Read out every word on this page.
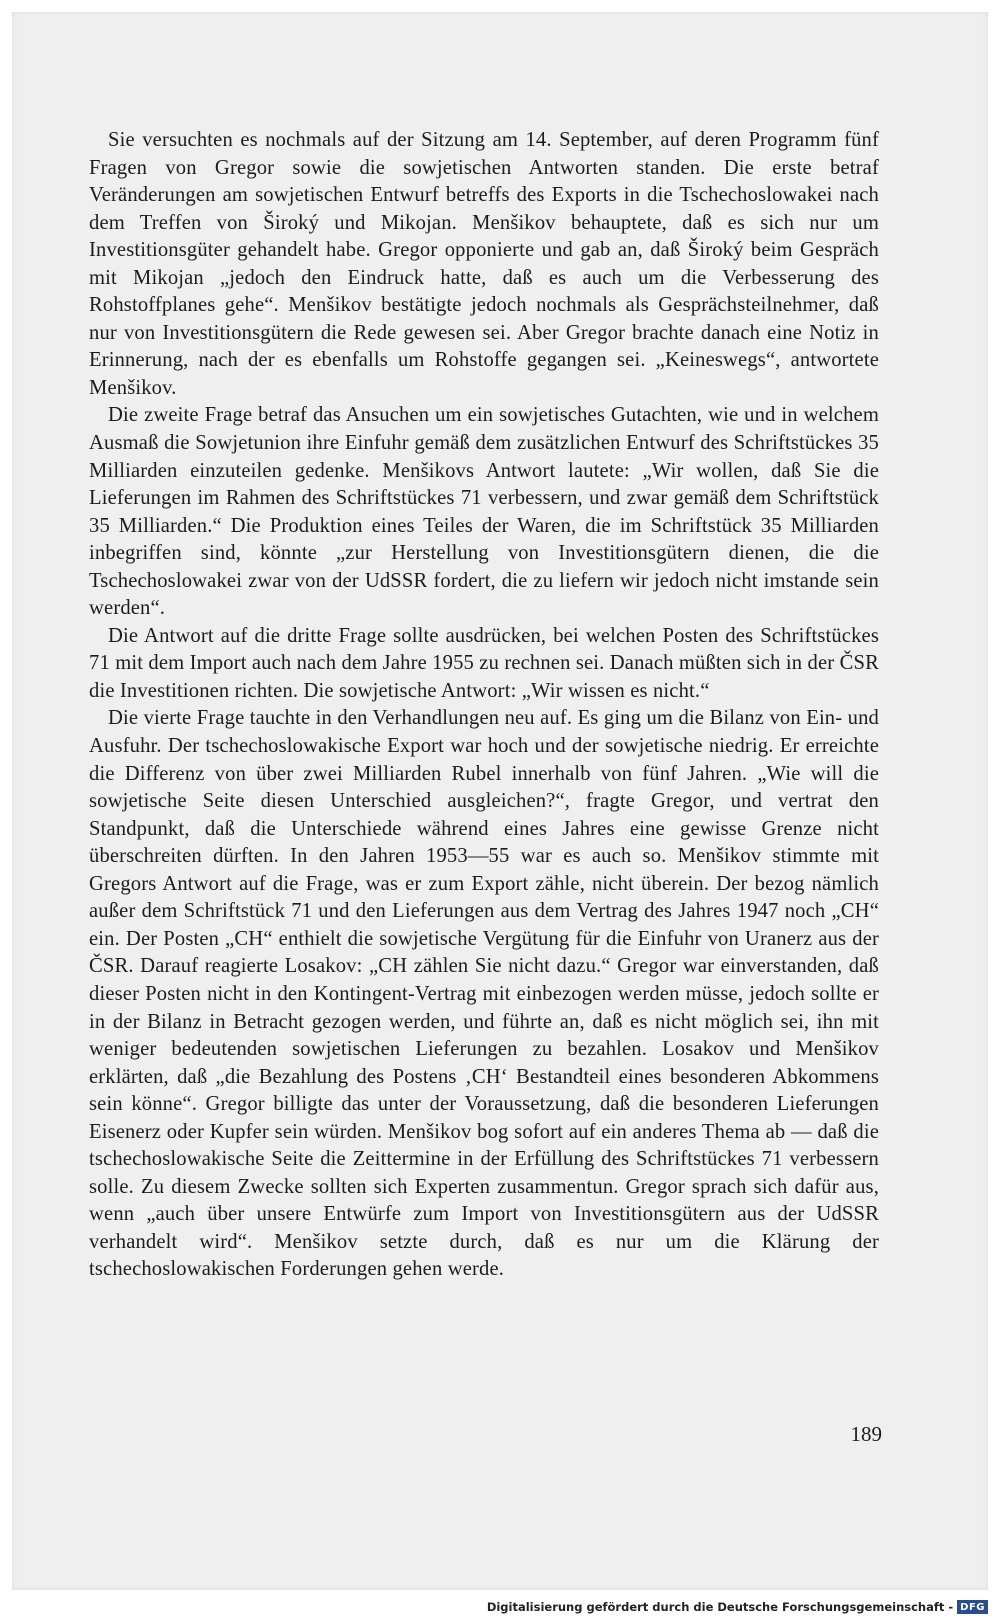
Sie versuchten es nochmals auf der Sitzung am 14. September, auf deren Programm fünf Fragen von Gregor sowie die sowjetischen Antworten standen. Die erste betraf Veränderungen am sowjetischen Entwurf betreffs des Exports in die Tschechoslowakei nach dem Treffen von Široký und Mikojan. Menšikov behauptete, daß es sich nur um Investitionsgüter gehandelt habe. Gregor opponierte und gab an, daß Široký beim Gespräch mit Mikojan „jedoch den Eindruck hatte, daß es auch um die Verbesserung des Rohstoffplanes gehe“. Menšikov bestätigte jedoch nochmals als Gesprächsteilnehmer, daß nur von Investitionsgütern die Rede gewesen sei. Aber Gregor brachte danach eine Notiz in Erinnerung, nach der es ebenfalls um Rohstoffe gegangen sei. „Keineswegs“, antwortete Menšikov.

Die zweite Frage betraf das Ansuchen um ein sowjetisches Gutachten, wie und in welchem Ausmaß die Sowjetunion ihre Einfuhr gemäß dem zusätzlichen Entwurf des Schriftstückes 35 Milliarden einzuteilen gedenke. Menšikovs Antwort lautete: „Wir wollen, daß Sie die Lieferungen im Rahmen des Schriftstückes 71 verbessern, und zwar gemäß dem Schriftstück 35 Milliarden.“ Die Produktion eines Teiles der Waren, die im Schriftstück 35 Milliarden inbegriffen sind, könnte „zur Herstellung von Investitionsgütern dienen, die die Tschechoslowakei zwar von der UdSSR fordert, die zu liefern wir jedoch nicht imstande sein werden“.

Die Antwort auf die dritte Frage sollte ausdrücken, bei welchen Posten des Schriftstückes 71 mit dem Import auch nach dem Jahre 1955 zu rechnen sei. Danach müßten sich in der ČSR die Investitionen richten. Die sowjetische Antwort: „Wir wissen es nicht.“

Die vierte Frage tauchte in den Verhandlungen neu auf. Es ging um die Bilanz von Ein- und Ausfuhr. Der tschechoslowakische Export war hoch und der sowjetische niedrig. Er erreichte die Differenz von über zwei Milliarden Rubel innerhalb von fünf Jahren. „Wie will die sowjetische Seite diesen Unterschied ausgleichen?“, fragte Gregor, und vertrat den Standpunkt, daß die Unterschiede während eines Jahres eine gewisse Grenze nicht überschreiten dürften. In den Jahren 1953—55 war es auch so. Menšikov stimmte mit Gregors Antwort auf die Frage, was er zum Export zähle, nicht überein. Der bezog nämlich außer dem Schriftstück 71 und den Lieferungen aus dem Vertrag des Jahres 1947 noch „CH“ ein. Der Posten „CH“ enthielt die sowjetische Vergütung für die Einfuhr von Uranerz aus der ČSR. Darauf reagierte Losakov: „CH zählen Sie nicht dazu.“ Gregor war einverstanden, daß dieser Posten nicht in den Kontingent-Vertrag mit einbezogen werden müsse, jedoch sollte er in der Bilanz in Betracht gezogen werden, und führte an, daß es nicht möglich sei, ihn mit weniger bedeutenden sowjetischen Lieferungen zu bezahlen. Losakov und Menšikov erklärten, daß „die Bezahlung des Postens ‚CH‘ Bestandteil eines besonderen Abkommens sein könne“. Gregor billigte das unter der Voraussetzung, daß die besonderen Lieferungen Eisenerz oder Kupfer sein würden. Menšikov bog sofort auf ein anderes Thema ab — daß die tschechoslowakische Seite die Zeittermine in der Erfüllung des Schriftstückes 71 verbessern solle. Zu diesem Zwecke sollten sich Experten zusammentun. Gregor sprach sich dafür aus, wenn „auch über unsere Entwürfe zum Import von Investitionsgütern aus der UdSSR verhandelt wird“. Menšikov setzte durch, daß es nur um die Klärung der tschechoslowakischen Forderungen gehen werde.

189
Digitalisierung gefördert durch die Deutsche Forschungsgemeinschaft - DFG
